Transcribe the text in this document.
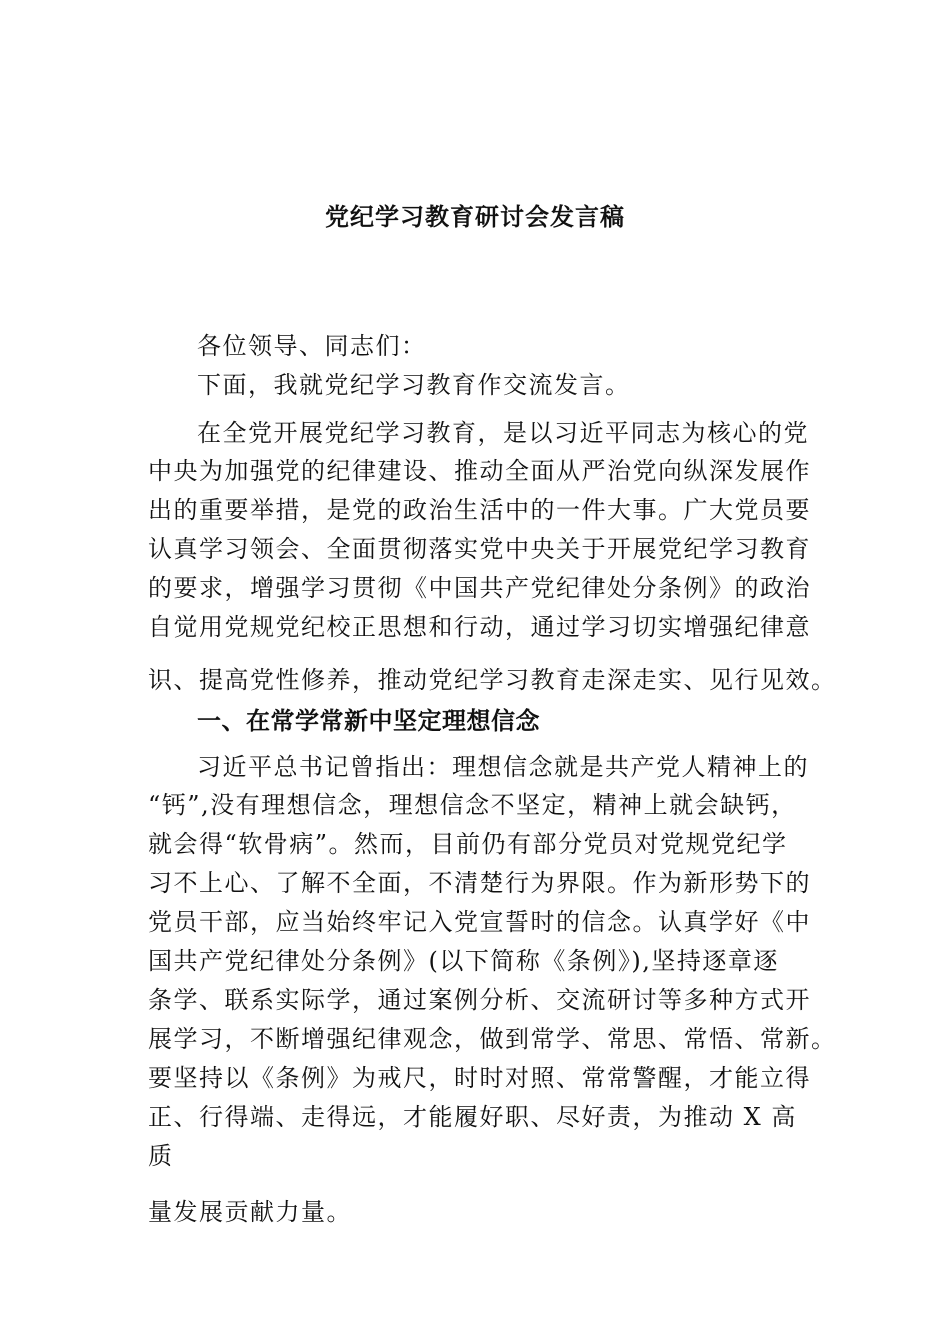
党纪学习教育研讨会发言稿

各位领导、同志们：

下面，我就党纪学习教育作交流发言。

在全党开展党纪学习教育，是以习近平同志为核心的党

中央为加强党的纪律建设、推动全面从严治党向纵深发展作

出的重要举措，是党的政治生活中的一件大事。广大党员要

认真学习领会、全面贯彻落实党中央关于开展党纪学习教育

的要求，增强学习贯彻《中国共产党纪律处分条例》的政治

自觉用党规党纪校正思想和行动，通过学习切实增强纪律意

识、提高党性修养，推动党纪学习教育走深走实、见行见效。

一、在常学常新中坚定理想信念

习近平总书记曾指出：理想信念就是共产党人精神上的

“钙”,没有理想信念，理想信念不坚定，精神上就会缺钙，

就会得“软骨病”。然而，目前仍有部分党员对党规党纪学

习不上心、了解不全面，不清楚行为界限。作为新形势下的

党员干部，应当始终牢记入党宣誓时的信念。认真学好《中

国共产党纪律处分条例》(以下简称《条例》),坚持逐章逐

条学、联系实际学，通过案例分析、交流研讨等多种方式开

展学习，不断增强纪律观念，做到常学、常思、常悟、常新。

要坚持以《条例》为戒尺，时时对照、常常警醒，才能立得

正、行得端、走得远，才能履好职、尽好责，为推动 X 高

质

量发展贡献力量。
